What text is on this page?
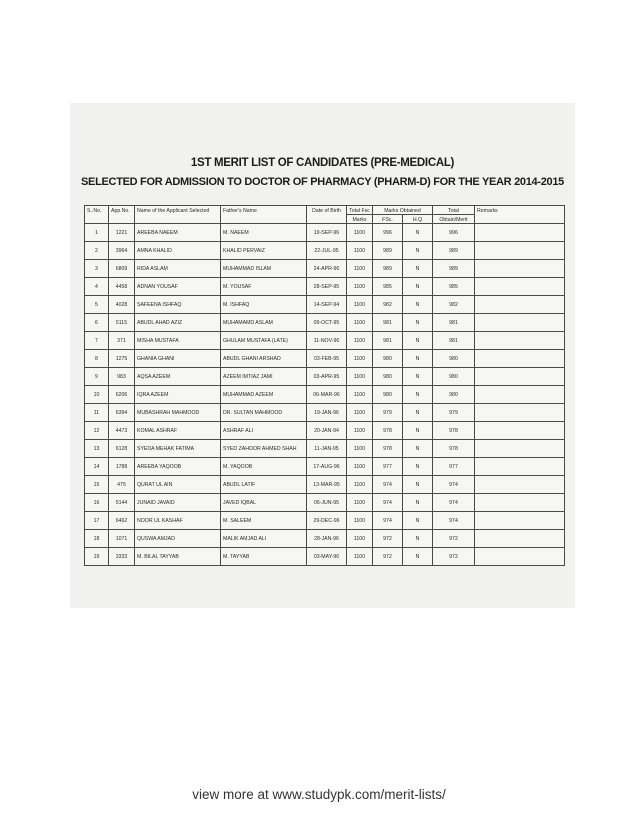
1ST MERIT LIST OF CANDIDATES (PRE-MEDICAL)
SELECTED FOR ADMISSION TO DOCTOR OF PHARMACY (PHARM-D) FOR THE YEAR 2014-2015
S..No.	App.No.	Name of the Applicant Selected	Father's Name	Date of Birth	Total Fsc	Marks Obtained		Total	Remarks
					Marks	FSc.	H.Q	Obtain/Merit	
1	1221	AREEBA NAEEM	M. NAEEM	19-SEP-96	1100	996	N	996	
2	3964	AMNA KHALID	KHALID PERVAIZ	22-JUL-95	1100	989	N	989	
3	6809	RIDA ASLAM	MUHAMMAD ISLAM	24-APR-96	1100	989	N	989	
4	4458	ADNAN YOUSAF	M. YOUSAF	28-SEP-95	1100	985	N	985	
5	4028	SAFEENA ISHFAQ	M. ISHFAQ	14-SEP-94	1100	982	N	982	
6	5115	ABUDL AHAD AZIZ	MUHAMAMD ASLAM	09-OCT-95	1100	981	N	981	
7	371	MISHA MUSTAFA	GHULAM MUSTAFA (LATE)	11-NOV-96	1100	981	N	981	
8	1275	GHANIA GHANI	ABUDL GHANI ARSHAD	03-FEB-95	1100	980	N	980	
9	983	AQSA AZEEM	AZEEM IMTIAZ JAMI	03-APR-95	1100	980	N	980	
10	6206	IQRA AZEEM	MUHAMMAD AZEEM	06-MAR-96	1100	980	N	980	
11	6394	MUBASHRAH MAHMOOD	DR. SULTAN MAHMOOD	19-JAN-96	1100	979	N	979	
12	4473	KOMAL ASHRAF	ASHRAF ALI	20-JAN-94	1100	978	N	978	
13	6128	SYEDA MEHAK FATIMA	SYED ZAHOOR AHMED SHAH	11-JAN-95	1100	978	N	978	
14	1788	AREEBA YAQOOB	M. YAQOOB	17-AUG-96	1100	977	N	977	
15	475	QURAT UL AIN	ABUDL LATIF	13-MAR-95	1100	974	N	974	
16	5144	JUNAID JAVAID	JAVED IQBAL	06-JUN-95	1100	974	N	974	
17	6462	NOOR UL KASHAF	M. SALEEM	29-DEC-96	1100	974	N	974	
18	1071	QUSWA AMJAD	MALIK AMJAD ALI	28-JAN-96	1100	972	N	972	
19	3333	M. BILAL TAYYAB	M. TAYYAB	03-MAY-96	1100	972	N	972	
view more at www.studypk.com/merit-lists/
